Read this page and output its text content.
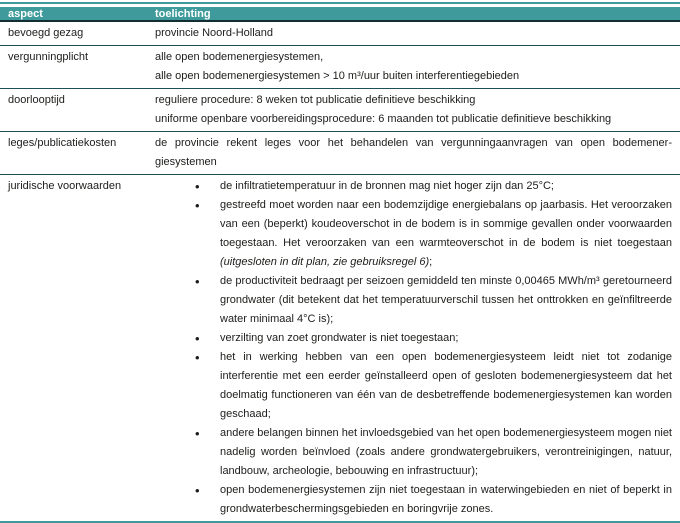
aspect	toelichting
bevoegd gezag	provincie Noord-Holland
vergunningplicht	alle open bodemenergiesystemen,
alle open bodemenergiesystemen > 10 m³/uur buiten interferentiegebieden
doorlooptijd	reguliere procedure: 8 weken tot publicatie definitieve beschikking
uniforme openbare voorbereidingsprocedure: 6 maanden tot publicatie definitieve beschikking
leges/publicatiekosten	de provincie rekent leges voor het behandelen van vergunningaanvragen van open bodemenergiesystemen
juridische voorwaarden	• de infiltratietemperatuur in de bronnen mag niet hoger zijn dan 25°C;
• gestreefd moet worden naar een bodemzijdige energiebalans op jaarbasis. Het veroorzaken van een (beperkt) koudeoverschot in de bodem is in sommige gevallen onder voorwaarden toegestaan. Het veroorzaken van een warmteoverschot in de bodem is niet toegestaan (uitgesloten in dit plan, zie gebruiksregel 6);
• de productiviteit bedraagt per seizoen gemiddeld ten minste 0,00465 MWh/m³ geretourneerd grondwater (dit betekent dat het temperatuurverschil tussen het onttrokken en geïnfiltreerde water minimaal 4°C is);
• verzilting van zoet grondwater is niet toegestaan;
• het in werking hebben van een open bodemenergiesysteem leidt niet tot zodanige interferentie met een eerder geïnstalleerd open of gesloten bodemenergiesysteem dat het doelmatig functioneren van één van de desbetreffende bodemenergiesystemen kan worden geschaad;
• andere belangen binnen het invloedsgebied van het open bodemenergiesysteem mogen niet nadelig worden beïnvloed (zoals andere grondwatergebruikers, verontreinigingen, natuur, landbouw, archeologie, bebouwing en infrastructuur);
• open bodemenergiesystemen zijn niet toegestaan in waterwingebieden en niet of beperkt in grondwaterbeschermingsgebieden en boringvrije zones.
